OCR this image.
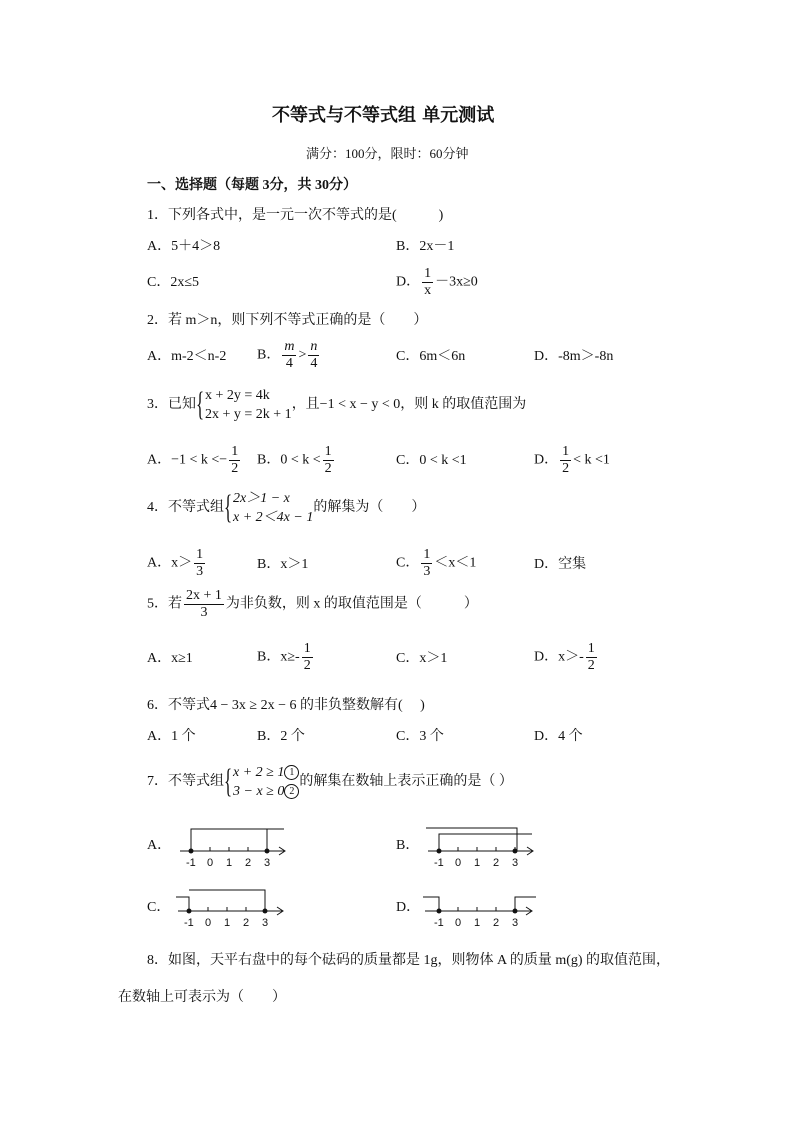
不等式与不等式组 单元测试
满分：100分，限时：60分钟
一、选择题（每题 3分，共 30分）
1．下列各式中，是一元一次不等式的是(　　　)
A．5＋4＞8	B．2x－1
C．2x≤5	D． $\frac{1}{x} -3x\ge 0$
2．若 m＞n，则下列不等式正确的是（　　）
A．m-2＜n-2 B． $\frac{m}{4} > \frac{n}{4}$	C．6m＜6n	D．-8m＞-8n
3．已知 { x + 2y = 4k
2x + y = 2k + 1
，且−1 < x − y < 0，则 k 的取值范围为
A．$-1 < k <- \frac{1}{2}$ B．$0 < k < \frac{1}{2}$	C．0 < k <1	D． $\frac{1}{2} < k <1$
4．不等式组 { 2x＞1 − x
x + 2＜4x − 1
的解集为（　　）
A．$x> \frac{1}{3}$	B．x＞1	C． $\frac{1}{3} <x<1$	D．空集
5．若 $\frac{2x + 1}{3}$ 为非负数，则 x 的取值范围是（　　　）
A．x≥1	B．$x\ge- \frac{1}{2}$	C．x＞1	D．$x>- \frac{1}{2}$
6．不等式4 − 3x ≥ 2x − 6 的非负整数解有(　 )
A．1 个	B．2 个	C．3 个	D．4 个
7．不等式组 { x + 2 ≥ 1 1
3 − x ≥ 0 2
的解集在数轴上表示正确的是（ ）
A．	B．
C．	D．
-1 0 1 2 3	-1 0 1 2 3
-1 0 1 2 3	-1 0 1 2 3
8．如图，天平右盘中的每个砝码的质量都是 1g，则物体 A 的质量 m(g) 的取值范围，
在数轴上可表示为（　　）
